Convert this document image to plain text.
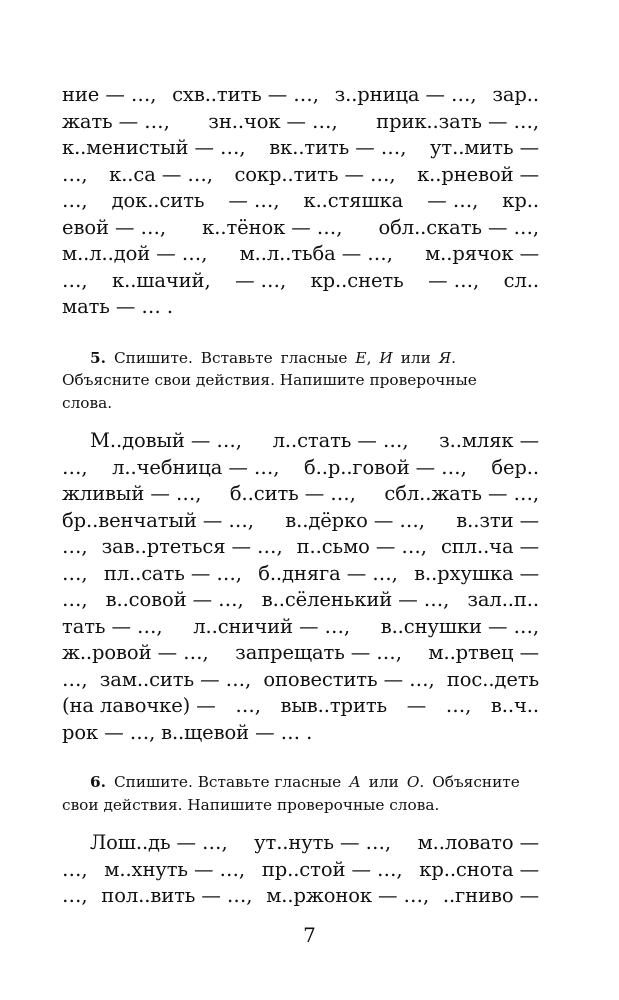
ние — …, схв..тить — …, з..рница — …, зар..
жать — …, зн..чок — …, прик..зать — …,
к..менистый — …, вк..тить — …, ут..мить —
…, к..са — …, сокр..тить — …, к..рневой —
…, док..сить — …, к..стяшка — …, кр..
евой — …, к..тёнок — …, обл..скать — …,
м..л..дой — …, м..л..тьба — …, м..рячок —
…, к..шачий, — …, кр..снеть — …, сл..
мать — … .
5. Спишите. Вставьте гласные Е, И или Я.
Объясните свои действия. Напишите проверочные
слова.
М..довый — …, л..стать — …, з..мляк —
…, л..чебница — …, б..р..говой — …, бер..
жливый — …, б..сить — …, сбл..жать — …,
бр..венчатый — …, в..дёрко — …, в..зти —
…, зав..ртеться — …, п..сьмо — …, спл..ча —
…, пл..сать — …, б..дняга — …, в..рхушка —
…, в..совой — …, в..сёленький — …, зал..п..
тать — …, л..сничий — …, в..снушки — …,
ж..ровой — …, запрещать — …, м..ртвец —
…, зам..сить — …, оповестить — …, пос..деть
(на лавочке) — …, выв..трить — …, в..ч..
рок — …, в..щевой — … .
6. Спишите. Вставьте гласные А или О. Объясните
свои действия. Напишите проверочные слова.
Лош..дь — …, ут..нуть — …, м..ловато —
…, м..хнуть — …, пр..стой — …, кр..снота —
…, пол..вить — …, м..ржонок — …, ..гниво —
7
